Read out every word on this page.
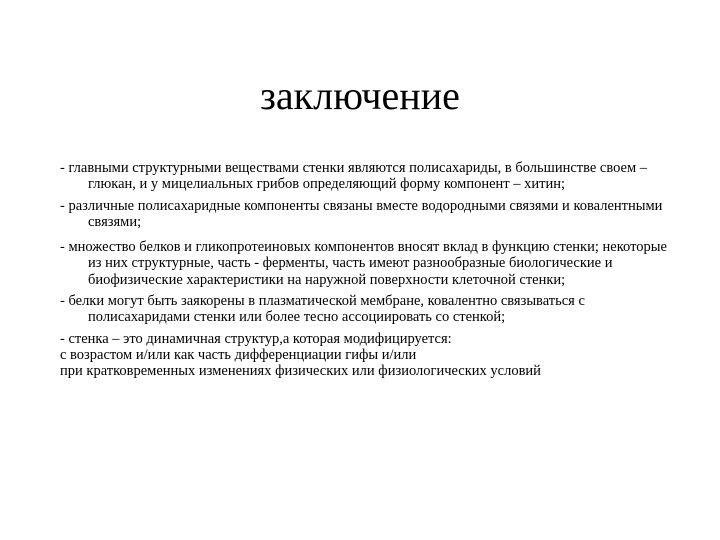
заключение

- главными структурными веществами стенки являются полисахариды, в большинстве своем – глюкан, и у мицелиальных грибов определяющий форму компонент – хитин;

- различные полисахаридные компоненты связаны вместе водородными связями и ковалентными связями;

- множество белков и гликопротеиновых компонентов вносят вклад в функцию стенки; некоторые из них структурные, часть - ферменты, часть имеют разнообразные биологические и биофизические характеристики на наружной поверхности клеточной стенки;

- белки могут быть заякорены в плазматической мембране, ковалентно связываться с полисахаридами стенки или более тесно ассоциировать со стенкой;

- стенка – это динамичная структур,а которая модифицируется:

с возрастом и/или как часть дифференциации гифы и/или

при кратковременных изменениях физических или физиологических условий
